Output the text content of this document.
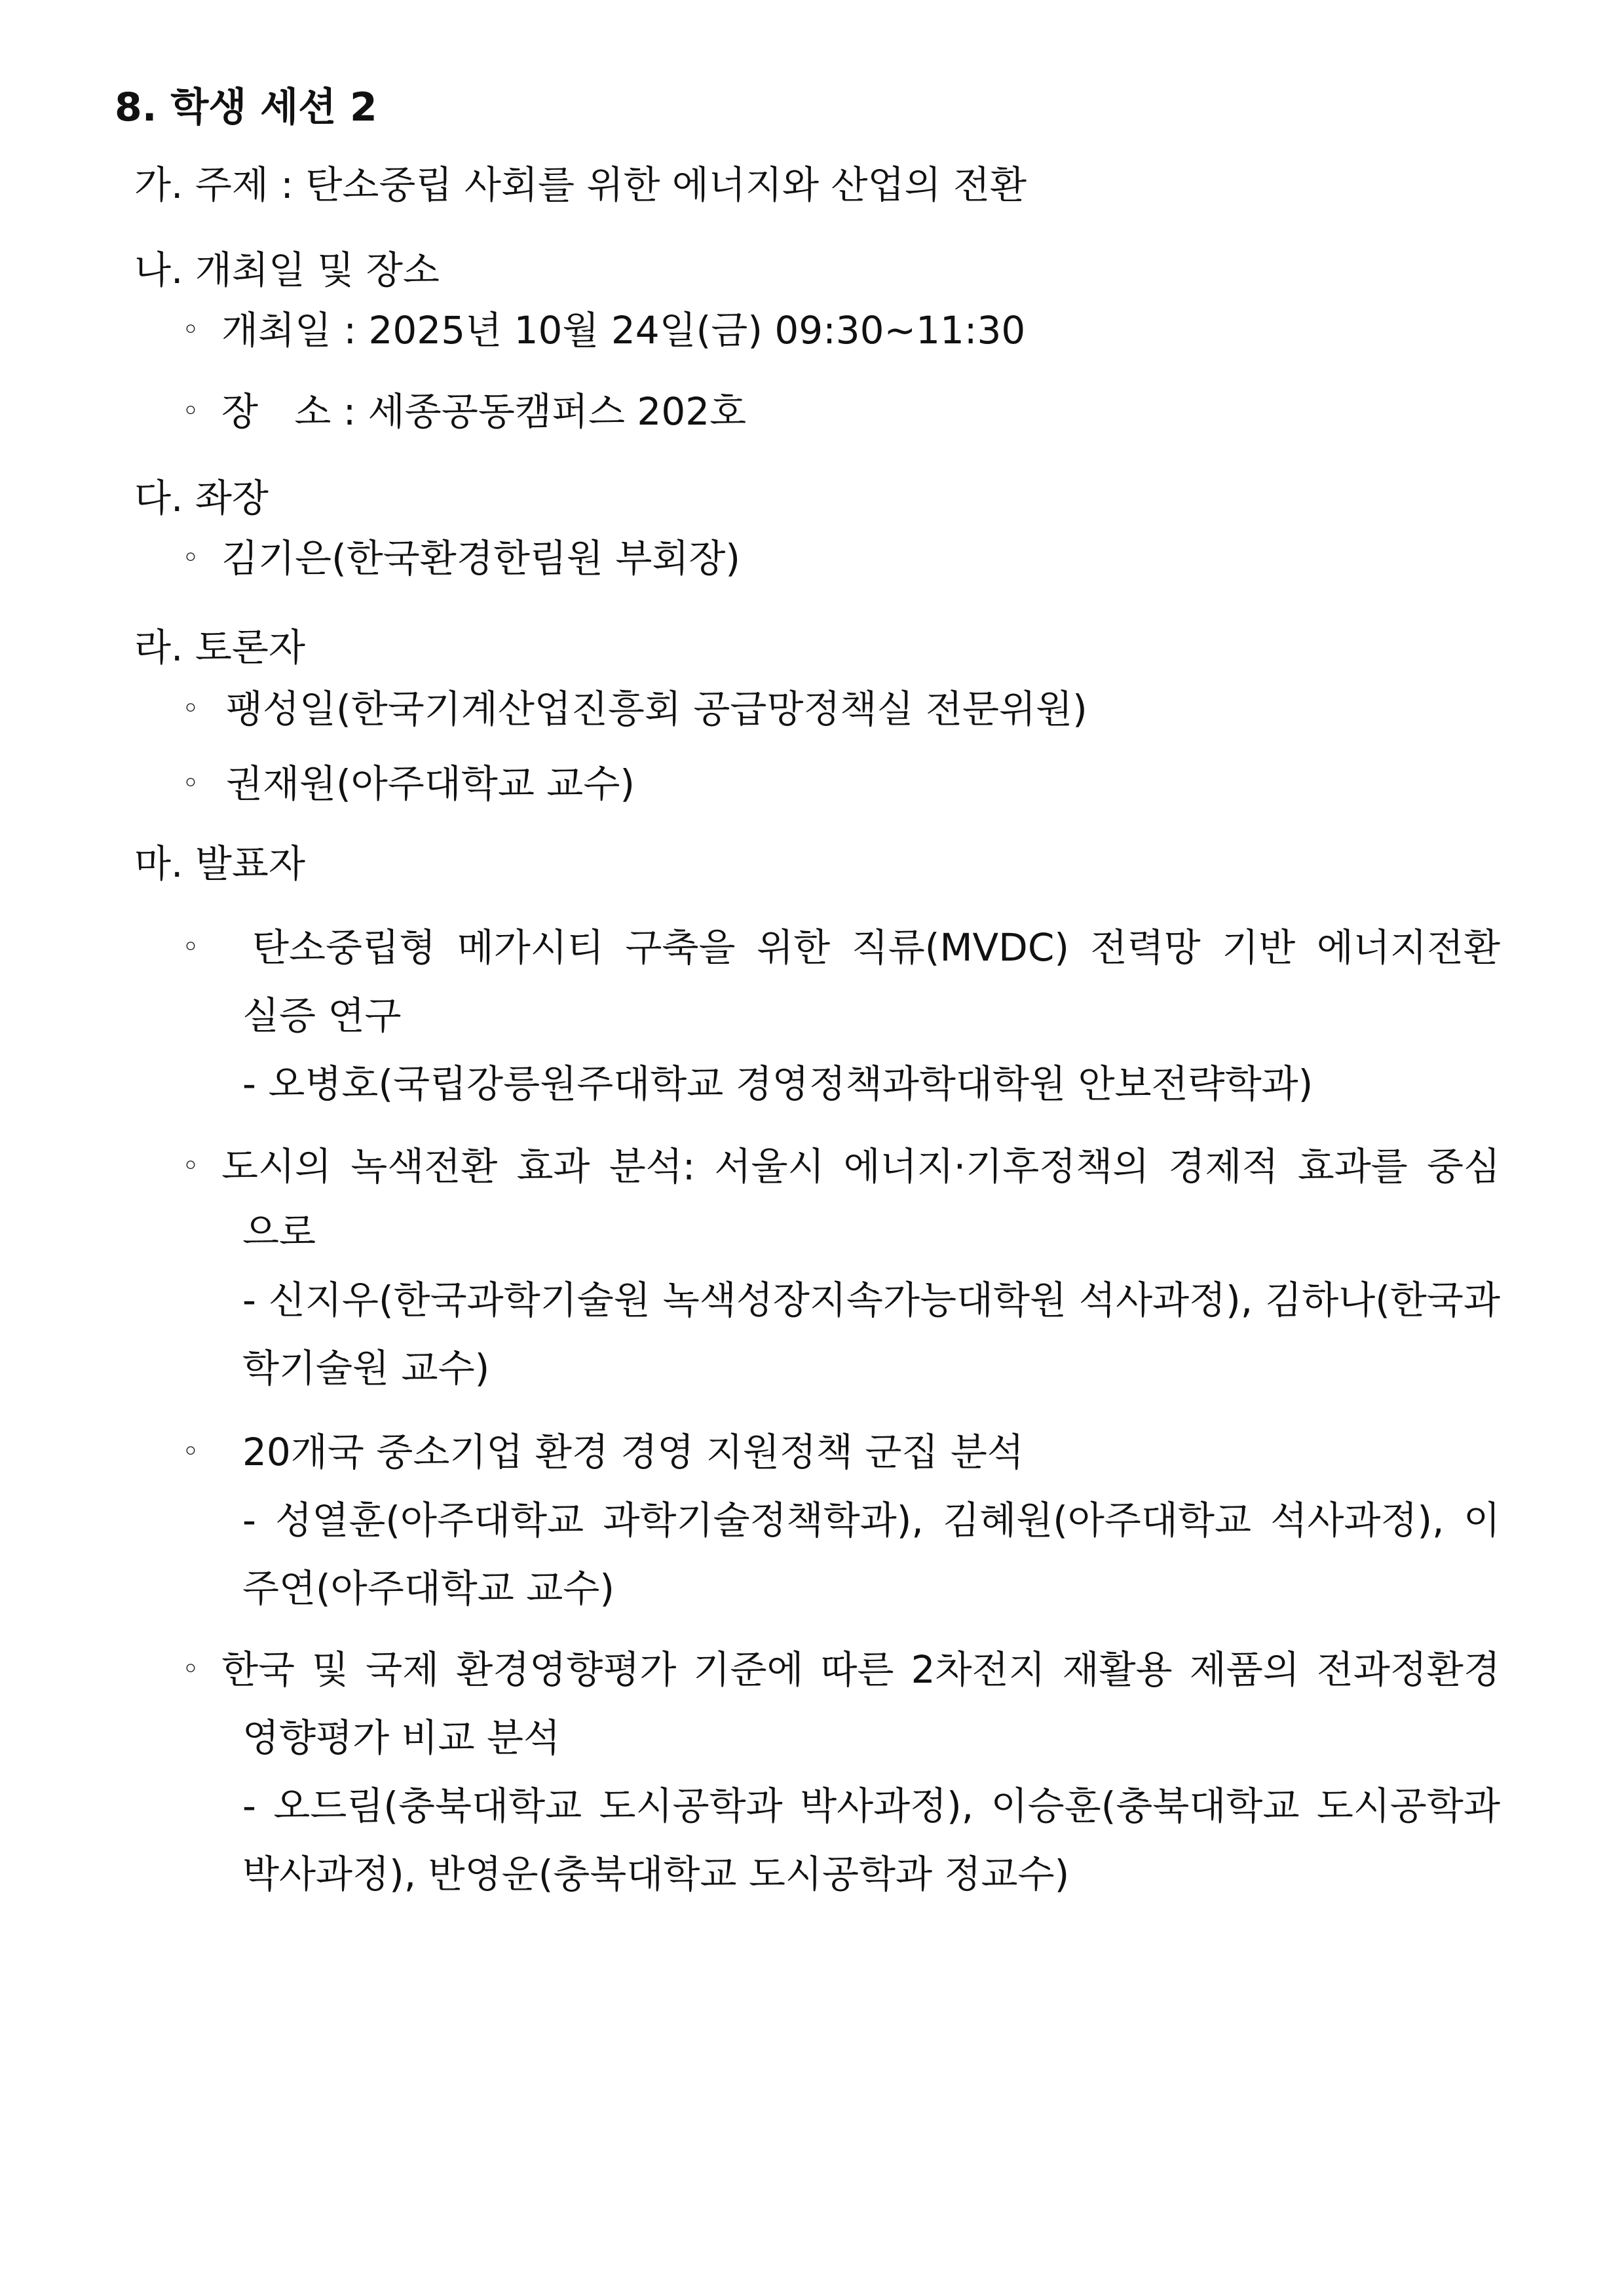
8. 학생 세션 2
가. 주제 : 탄소중립 사회를 위한 에너지와 산업의 전환
나. 개최일 및 장소
◦ 개최일 : 2025년 10월 24일(금) 09:30~11:30
◦ 장   소 : 세종공동캠퍼스 202호
다. 좌장
◦ 김기은(한국환경한림원 부회장)
라. 토론자
◦ 팽성일(한국기계산업진흥회 공급망정책실 전문위원)
◦ 권재원(아주대학교 교수)
마. 발표자
◦ 탄소중립형 메가시티 구축을 위한 직류(MVDC) 전력망 기반 에너지전환
실증 연구
- 오병호(국립강릉원주대학교 경영정책과학대학원 안보전략학과)
◦ 도시의 녹색전환 효과 분석: 서울시 에너지·기후정책의 경제적 효과를 중심
으로
- 신지우(한국과학기술원 녹색성장지속가능대학원 석사과정), 김하나(한국과
학기술원 교수)
◦ 20개국 중소기업 환경 경영 지원정책 군집 분석
- 성열훈(아주대학교 과학기술정책학과), 김혜원(아주대학교 석사과정), 이
주연(아주대학교 교수)
◦ 한국 및 국제 환경영향평가 기준에 따른 2차전지 재활용 제품의 전과정환경
영향평가 비교 분석
- 오드림(충북대학교 도시공학과 박사과정), 이승훈(충북대학교 도시공학과
박사과정), 반영운(충북대학교 도시공학과 정교수)
